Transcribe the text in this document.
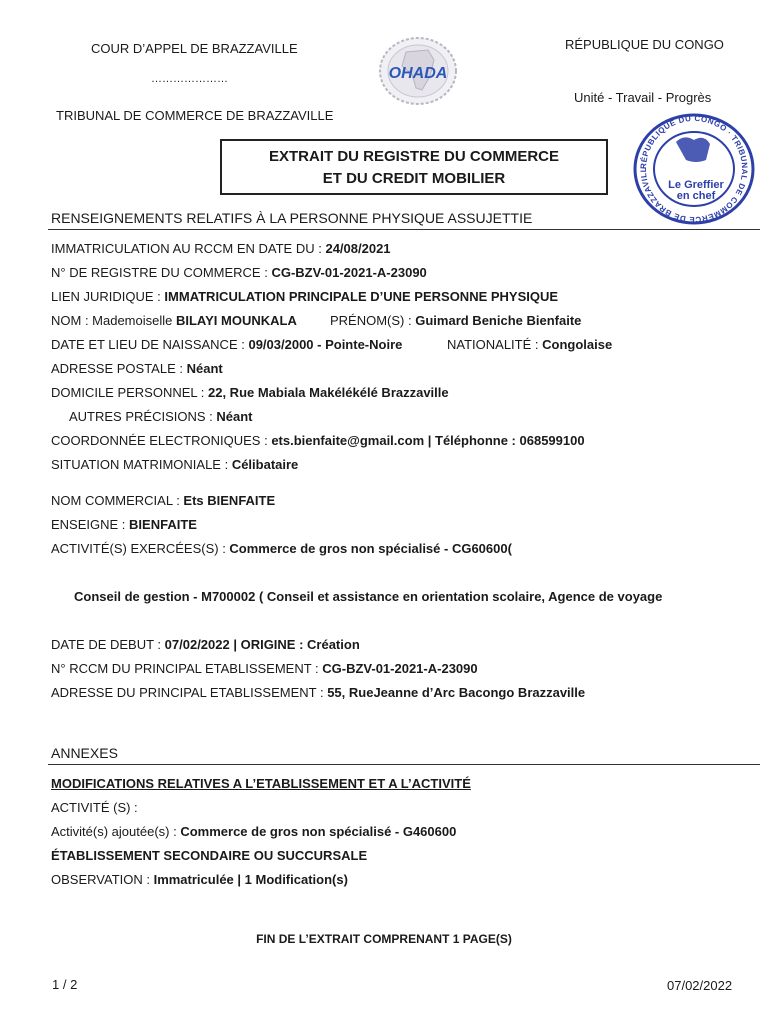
COUR D’APPEL DE BRAZZAVILLE
…………………
TRIBUNAL DE COMMERCE DE BRAZZAVILLE
OHADA
RÉPUBLIQUE DU CONGO
Unité - Travail - Progrès
RÉPUBLIQUE DU CONGO · TRIBUNAL DE COMMERCE DE BRAZZAVILL
Le Greffier
en chef
EXTRAIT DU REGISTRE DU COMMERCE
ET DU CREDIT MOBILIER
RENSEIGNEMENTS RELATIFS À LA PERSONNE PHYSIQUE ASSUJETTIE
IMMATRICULATION AU RCCM EN DATE DU : 24/08/2021
N° DE REGISTRE DU COMMERCE : CG-BZV-01-2021-A-23090
LIEN JURIDIQUE : IMMATRICULATION PRINCIPALE D’UNE PERSONNE PHYSIQUE
NOM : Mademoiselle BILAYI MOUNKALA	PRÉNOM(S) : Guimard Beniche Bienfaite
DATE ET LIEU DE NAISSANCE : 09/03/2000 - Pointe-Noire	NATIONALITÉ : Congolaise
ADRESSE POSTALE : Néant
DOMICILE PERSONNEL : 22, Rue Mabiala Makélékélé Brazzaville
AUTRES PRÉCISIONS : Néant
COORDONNÉE ELECTRONIQUES : ets.bienfaite@gmail.com | Téléphonne : 068599100
SITUATION MATRIMONIALE : Célibataire
NOM COMMERCIAL : Ets BIENFAITE
ENSEIGNE : BIENFAITE
ACTIVITÉ(S) EXERCÉES(S) : Commerce de gros non spécialisé - CG60600(
Conseil de gestion - M700002 ( Conseil et assistance en orientation scolaire, Agence de voyage
DATE DE DEBUT : 07/02/2022 | ORIGINE : Création
N° RCCM DU PRINCIPAL ETABLISSEMENT : CG-BZV-01-2021-A-23090
ADRESSE DU PRINCIPAL ETABLISSEMENT : 55, RueJeanne d’Arc Bacongo Brazzaville
ANNEXES
MODIFICATIONS RELATIVES A L’ETABLISSEMENT ET A L’ACTIVITÉ
ACTIVITÉ (S) :
Activité(s) ajoutée(s) : Commerce de gros non spécialisé - G460600
ÉTABLISSEMENT SECONDAIRE OU SUCCURSALE
OBSERVATION : Immatriculée | 1 Modification(s)
FIN DE L’EXTRAIT COMPRENANT 1 PAGE(S)
1 / 2	07/02/2022
